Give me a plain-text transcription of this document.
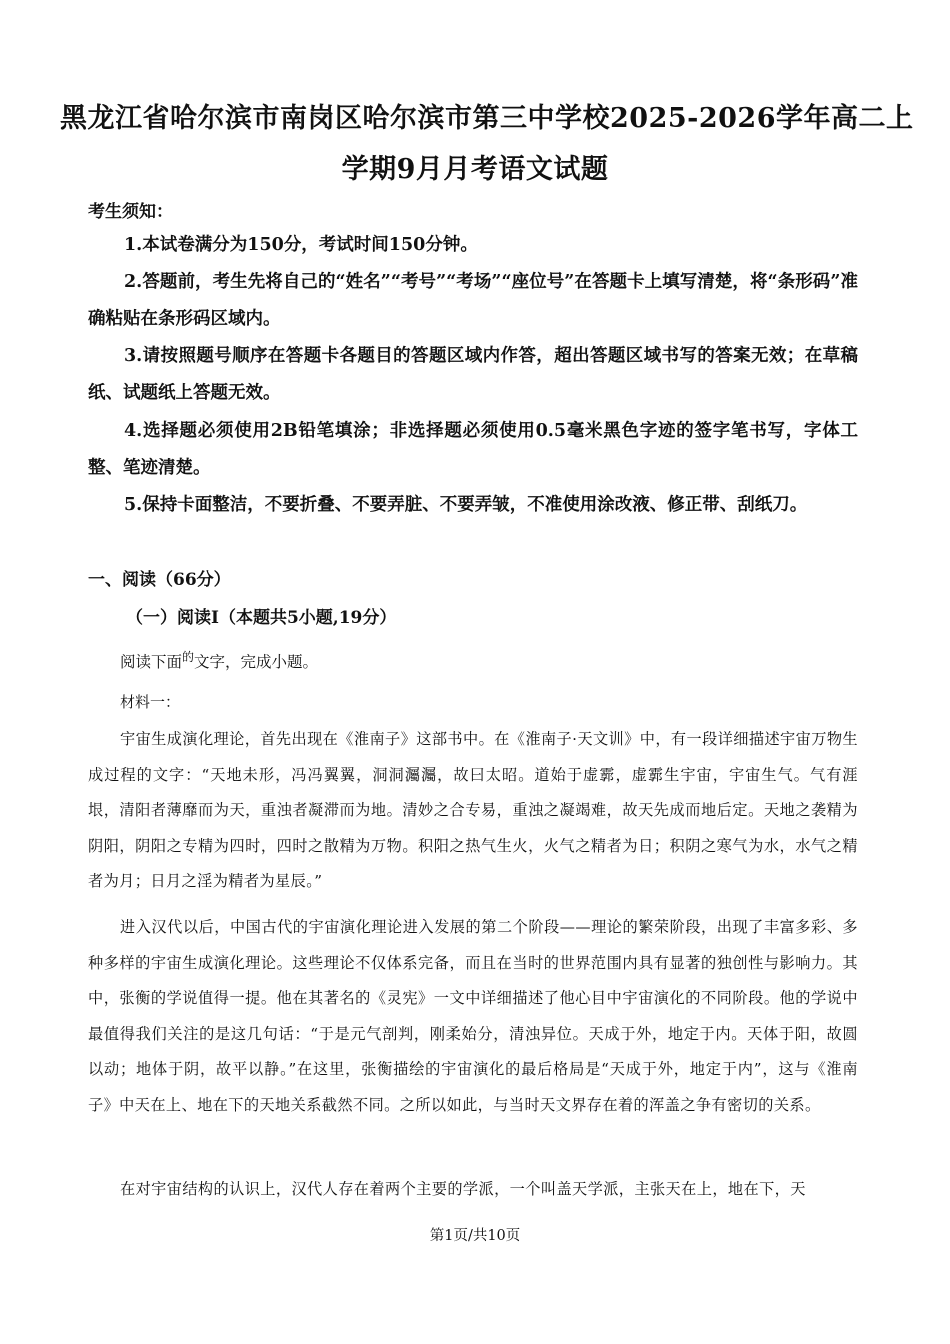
黑龙江省哈尔滨市南岗区哈尔滨市第三中学校2025-2026学年高二上
学期9月月考语文试题
考生须知：

1.本试卷满分为150分，考试时间150分钟。

2.答题前，考生先将自己的“姓名”“考号”“考场”“座位号”在答题卡上填写清楚，将“条形码”准确粘贴在条形码区域内。

3.请按照题号顺序在答题卡各题目的答题区域内作答，超出答题区域书写的答案无效；在草稿纸、试题纸上答题无效。

4.选择题必须使用2B铅笔填涂；非选择题必须使用0.5毫米黑色字迹的签字笔书写，字体工整、笔迹清楚。

5.保持卡面整洁，不要折叠、不要弄脏、不要弄皱，不准使用涂改液、修正带、刮纸刀。

一、阅读（66分）
（一）阅读Ⅰ（本题共5小题,19分）
阅读下面$^的$文字，完成小题。
材料一：

宇宙生成演化理论，首先出现在《淮南子》这部书中。在《淮南子·天文训》中，有一段详细描述宇宙万物生成过程的文字：“天地未形，冯冯翼翼，洞洞灟灟，故曰太昭。道始于虚霩，虚霩生宇宙，宇宙生气。气有涯垠，清阳者薄靡而为天，重浊者凝滞而为地。清妙之合专易，重浊之凝竭难，故天先成而地后定。天地之袭精为阴阳，阴阳之专精为四时，四时之散精为万物。积阳之热气生火，火气之精者为日；积阴之寒气为水，水气之精者为月；日月之淫为精者为星辰。”

进入汉代以后，中国古代的宇宙演化理论进入发展的第二个阶段——理论的繁荣阶段，出现了丰富多彩、多种多样的宇宙生成演化理论。这些理论不仅体系完备，而且在当时的世界范围内具有显著的独创性与影响力。其中，张衡的学说值得一提。他在其著名的《灵宪》一文中详细描述了他心目中宇宙演化的不同阶段。他的学说中最值得我们关注的是这几句话：“于是元气剖判，刚柔始分，清浊异位。天成于外，地定于内。天体于阳，故圆以动；地体于阴，故平以静。”在这里，张衡描绘的宇宙演化的最后格局是“天成于外，地定于内”，这与《淮南子》中天在上、地在下的天地关系截然不同。之所以如此，与当时天文界存在着的浑盖之争有密切的关系。

在对宇宙结构的认识上，汉代人存在着两个主要的学派，一个叫盖天学派，主张天在上，地在下，天

第1页/共10页
